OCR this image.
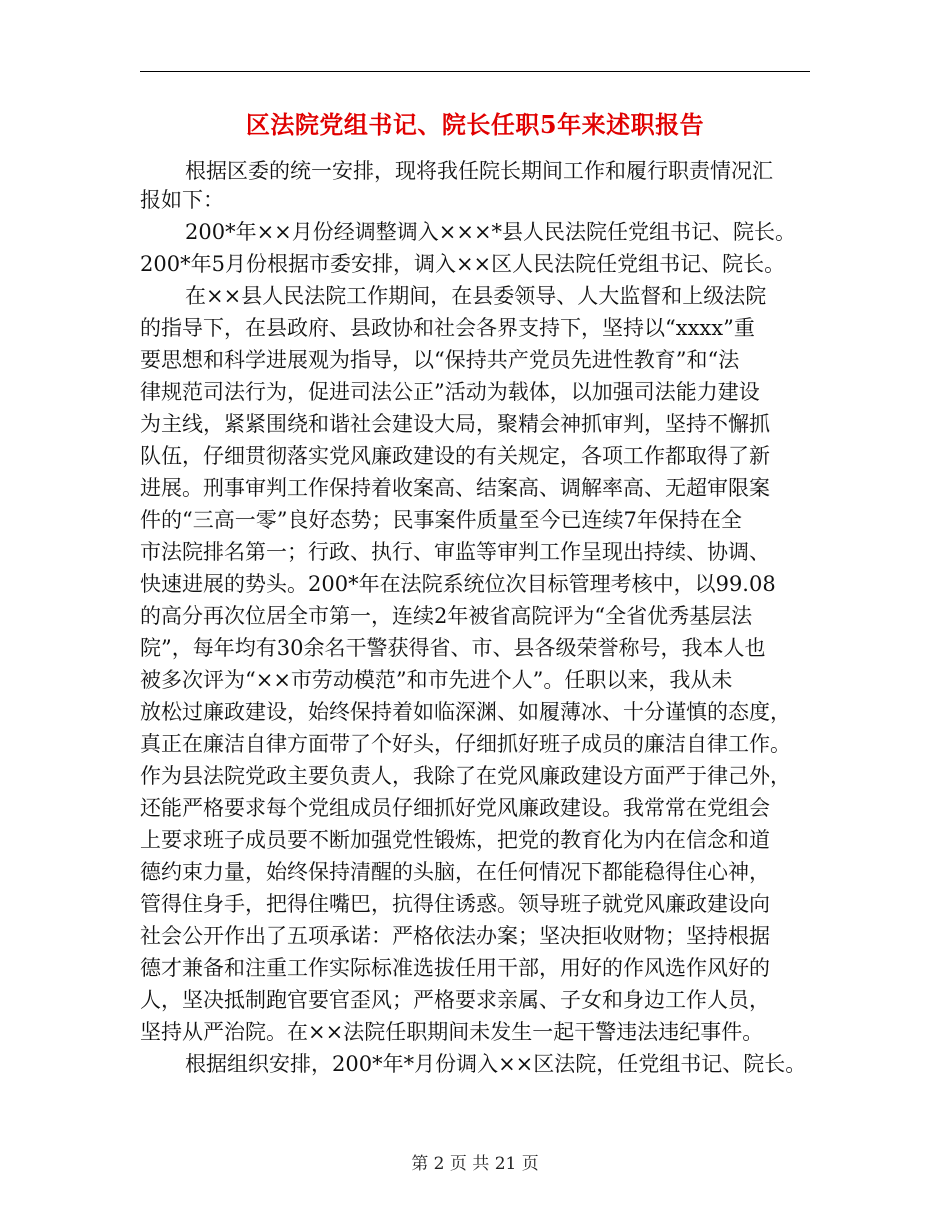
区法院党组书记、院长任职5年来述职报告
根据区委的统一安排，现将我任院长期间工作和履行职责情况汇
报如下：
200*年××月份经调整调入×××*县人民法院任党组书记、院长。
200*年5月份根据市委安排，调入××区人民法院任党组书记、院长。
在××县人民法院工作期间，在县委领导、人大监督和上级法院
的指导下，在县政府、县政协和社会各界支持下，坚持以“xxxx”重
要思想和科学进展观为指导，以“保持共产党员先进性教育”和“法
律规范司法行为，促进司法公正”活动为载体，以加强司法能力建设
为主线，紧紧围绕和谐社会建设大局，聚精会神抓审判，坚持不懈抓
队伍，仔细贯彻落实党风廉政建设的有关规定，各项工作都取得了新
进展。刑事审判工作保持着收案高、结案高、调解率高、无超审限案
件的“三高一零”良好态势；民事案件质量至今已连续7年保持在全
市法院排名第一；行政、执行、审监等审判工作呈现出持续、协调、
快速进展的势头。200*年在法院系统位次目标管理考核中，以99.08
的高分再次位居全市第一，连续2年被省高院评为“全省优秀基层法
院”，每年均有30余名干警获得省、市、县各级荣誉称号，我本人也
被多次评为“××市劳动模范”和市先进个人”。任职以来，我从未
放松过廉政建设，始终保持着如临深渊、如履薄冰、十分谨慎的态度，
真正在廉洁自律方面带了个好头，仔细抓好班子成员的廉洁自律工作。
作为县法院党政主要负责人，我除了在党风廉政建设方面严于律己外，
还能严格要求每个党组成员仔细抓好党风廉政建设。我常常在党组会
上要求班子成员要不断加强党性锻炼，把党的教育化为内在信念和道
德约束力量，始终保持清醒的头脑，在任何情况下都能稳得住心神，
管得住身手，把得住嘴巴，抗得住诱惑。领导班子就党风廉政建设向
社会公开作出了五项承诺：严格依法办案；坚决拒收财物；坚持根据
德才兼备和注重工作实际标准选拔任用干部，用好的作风选作风好的
人，坚决抵制跑官要官歪风；严格要求亲属、子女和身边工作人员，
坚持从严治院。在××法院任职期间未发生一起干警违法违纪事件。
根据组织安排，200*年*月份调入××区法院，任党组书记、院长。
第 2 页 共 21 页
